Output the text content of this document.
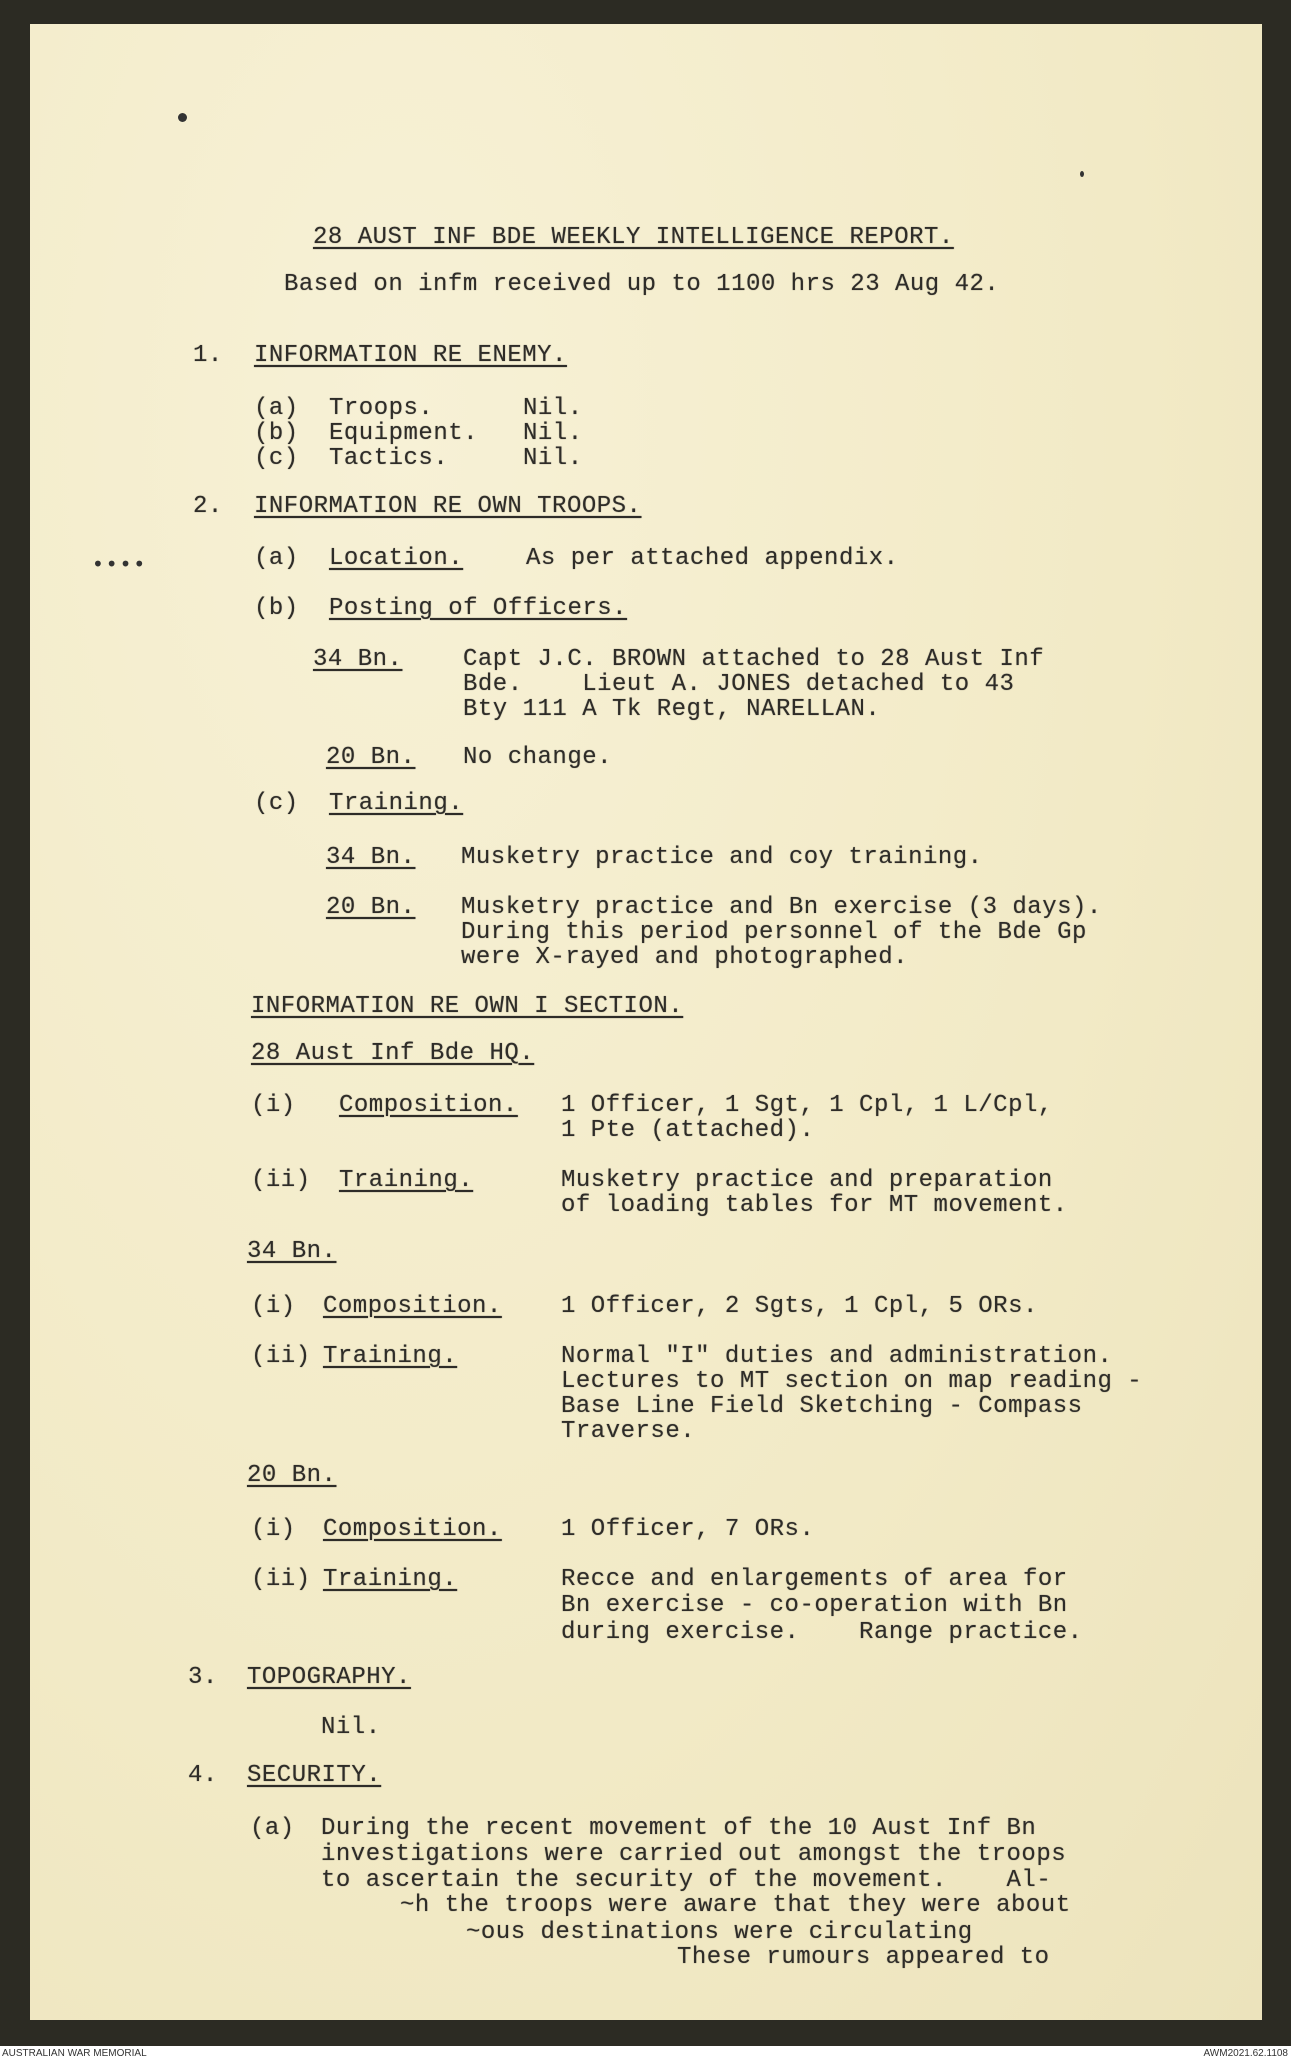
••••
28 AUST INF BDE WEEKLY INTELLIGENCE REPORT.
Based on infm received up to 1100 hrs 23 Aug 42.
1. INFORMATION RE ENEMY.
(a) Troops.	Nil.
(b) Equipment. Nil.
(c) Tactics.	Nil.
2. INFORMATION RE OWN TROOPS.
(a) Location.	As per attached appendix.
(b) Posting of Officers.
34 Bn.	Capt J.C. BROWN attached to 28 Aust Inf
Bde.    Lieut A. JONES detached to 43
Bty 111 A Tk Regt, NARELLAN.
20 Bn. No change.
(c) Training.
34 Bn. Musketry practice and coy training.
20 Bn. Musketry practice and Bn exercise (3 days).
During this period personnel of the Bde Gp
were X-rayed and photographed.
INFORMATION RE OWN I SECTION.
28 Aust Inf Bde HQ.
(i) Composition. 1 Officer, 1 Sgt, 1 Cpl, 1 L/Cpl,
1 Pte (attached).
(ii) Training.	Musketry practice and preparation
of loading tables for MT movement.
34 Bn.
(i) Composition. 1 Officer, 2 Sgts, 1 Cpl, 5 ORs.
(ii) Training.	Normal "I" duties and administration.
Lectures to MT section on map reading -
Base Line Field Sketching - Compass
Traverse.
20 Bn.
(i) Composition. 1 Officer, 7 ORs.
(ii) Training.	Recce and enlargements of area for
Bn exercise - co-operation with Bn
during exercise.    Range practice.
3. TOPOGRAPHY.
Nil.
4. SECURITY.
(a) During the recent movement of the 10 Aust Inf Bn
investigations were carried out amongst the troops
to ascertain the security of the movement.    Al-
~h the troops were aware that they were about
~ous destinations were circulating
These rumours appeared to
AUSTRALIAN WAR MEMORIAL	AWM2021.62.1108
